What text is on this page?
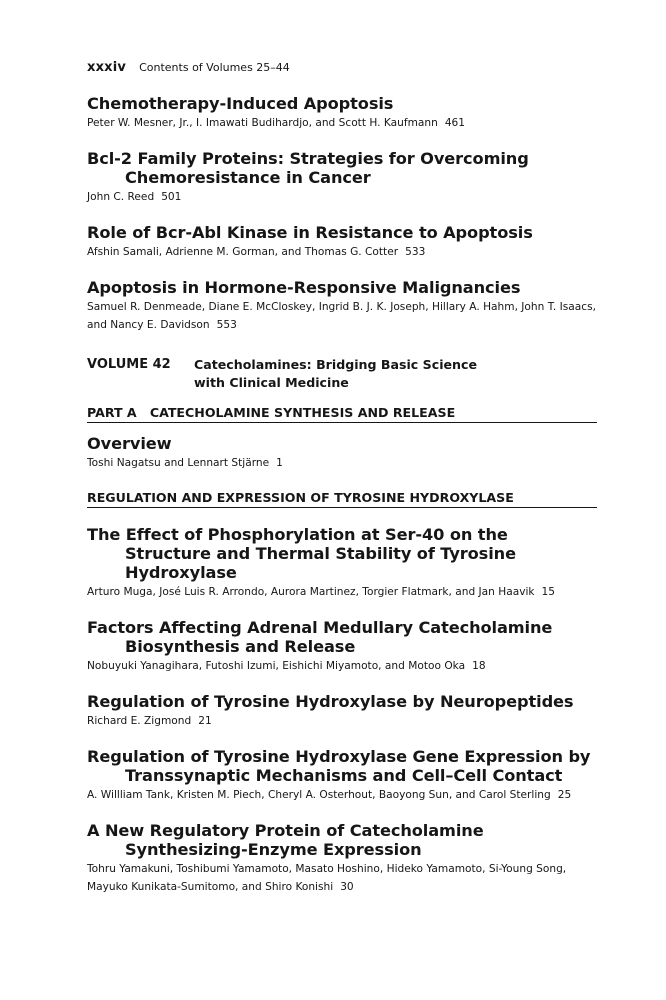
xxxiv Contents of Volumes 25–44
Chemotherapy-Induced Apoptosis
Peter W. Mesner, Jr., I. Imawati Budihardjo, and Scott H. Kaufmann 461
Bcl-2 Family Proteins: Strategies for Overcoming Chemoresistance in Cancer
John C. Reed 501
Role of Bcr-Abl Kinase in Resistance to Apoptosis
Afshin Samali, Adrienne M. Gorman, and Thomas G. Cotter 533
Apoptosis in Hormone-Responsive Malignancies
Samuel R. Denmeade, Diane E. McCloskey, Ingrid B. J. K. Joseph, Hillary A. Hahm, John T. Isaacs, and Nancy E. Davidson 553
VOLUME 42	Catecholamines: Bridging Basic Science
with Clinical Medicine
PART A   CATECHOLAMINE SYNTHESIS AND RELEASE
Overview
Toshi Nagatsu and Lennart Stjärne 1
REGULATION AND EXPRESSION OF TYROSINE HYDROXYLASE
The Effect of Phosphorylation at Ser-40 on the Structure and Thermal Stability of Tyrosine Hydroxylase
Arturo Muga, José Luis R. Arrondo, Aurora Martinez, Torgier Flatmark, and Jan Haavik 15
Factors Affecting Adrenal Medullary Catecholamine Biosynthesis and Release
Nobuyuki Yanagihara, Futoshi Izumi, Eishichi Miyamoto, and Motoo Oka 18
Regulation of Tyrosine Hydroxylase by Neuropeptides
Richard E. Zigmond 21
Regulation of Tyrosine Hydroxylase Gene Expression by Transsynaptic Mechanisms and Cell–Cell Contact
A. Willliam Tank, Kristen M. Piech, Cheryl A. Osterhout, Baoyong Sun, and Carol Sterling 25
A New Regulatory Protein of Catecholamine Synthesizing-Enzyme Expression
Tohru Yamakuni, Toshibumi Yamamoto, Masato Hoshino, Hideko Yamamoto, Si-Young Song, Mayuko Kunikata-Sumitomo, and Shiro Konishi 30
